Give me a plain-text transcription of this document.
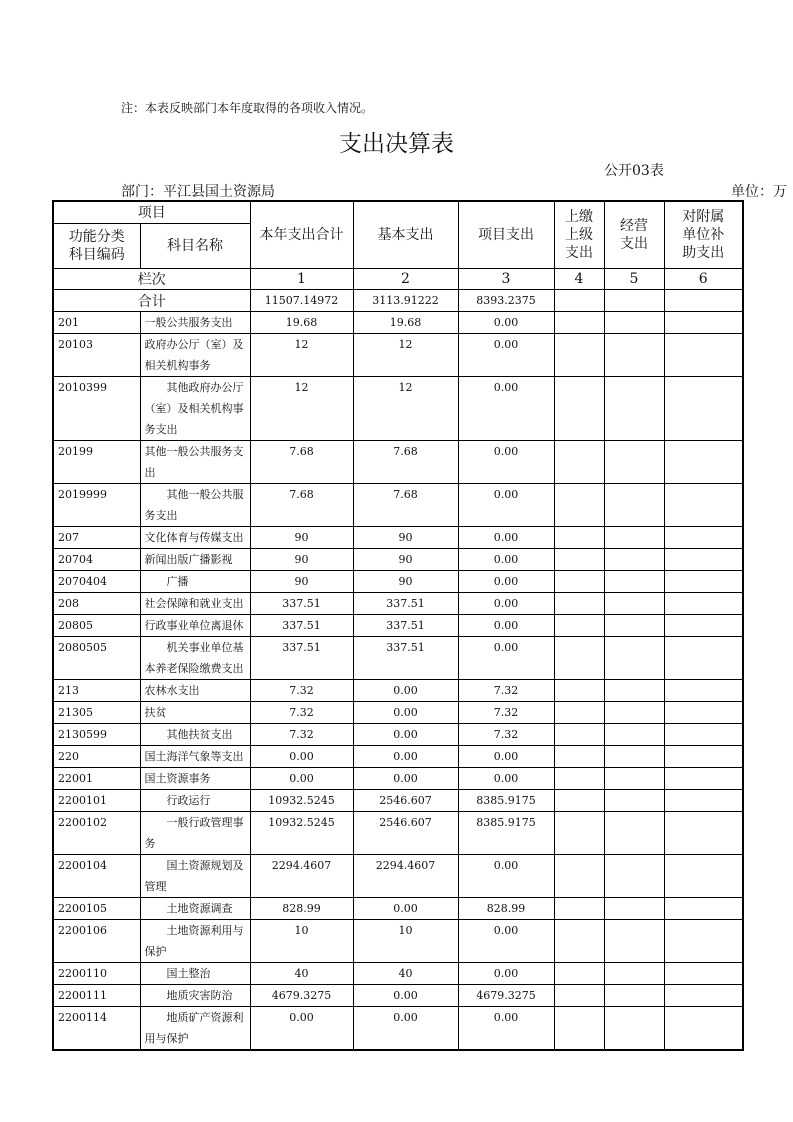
注：本表反映部门本年度取得的各项收入情况。
支出决算表
公开03表
部门：平江县国土资源局	单位：万
项目		本年支出合计	基本支出	项目支出	上缴上级支出	经营支出	对附属单位补助支出
功能分类科目编码	科目名称						
栏次		1	2	3	4	5	6
合计		11507.14972	3113.91222	8393.2375			
201	一般公共服务支出	19.68	19.68	0.00			
20103	政府办公厅（室）及相关机构事务	12	12	0.00			
2010399	其他政府办公厅（室）及相关机构事务支出	12	12	0.00			
20199	其他一般公共服务支出	7.68	7.68	0.00			
2019999	其他一般公共服务支出	7.68	7.68	0.00			
207	文化体育与传媒支出	90	90	0.00			
20704	新闻出版广播影视	90	90	0.00			
2070404	广播	90	90	0.00			
208	社会保障和就业支出	337.51	337.51	0.00			
20805	行政事业单位离退休	337.51	337.51	0.00			
2080505	机关事业单位基本养老保险缴费支出	337.51	337.51	0.00			
213	农林水支出	7.32	0.00	7.32			
21305	扶贫	7.32	0.00	7.32			
2130599	其他扶贫支出	7.32	0.00	7.32			
220	国土海洋气象等支出	0.00	0.00	0.00			
22001	国土资源事务	0.00	0.00	0.00			
2200101	行政运行	10932.5245	2546.607	8385.9175			
2200102	一般行政管理事务	10932.5245	2546.607	8385.9175			
2200104	国土资源规划及管理	2294.4607	2294.4607	0.00			
2200105	土地资源调查	828.99	0.00	828.99			
2200106	土地资源利用与保护	10	10	0.00			
2200110	国土整治	40	40	0.00			
2200111	地质灾害防治	4679.3275	0.00	4679.3275			
2200114	地质矿产资源利用与保护	0.00	0.00	0.00			
